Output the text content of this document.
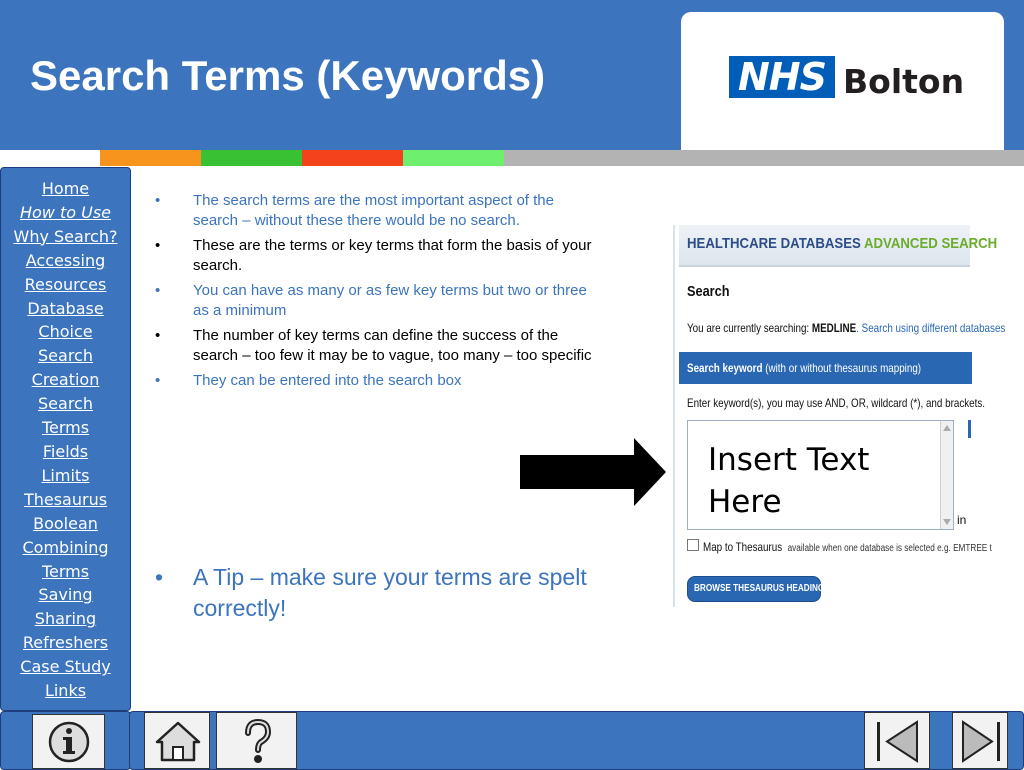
Search Terms (Keywords)	NHS Bolton
Home
How to Use
Why Search?
Accessing
Resources
Database
Choice
Search
Creation
Search
Terms
Fields
Limits
Thesaurus
Boolean
Combining
Terms
Saving
Sharing
Refreshers
Case Study
Links
• The search terms are the most important aspect of the search – without these there would be no search.
• These are the terms or key terms that form the basis of your search.
• You can have as many or as few key terms but two or three as a minimum
• The number of key terms can define the success of the search – too few it may be to vague, too many – too specific
• They can be entered into the search box
• A Tip – make sure your terms are spelt correctly!
HEALTHCARE DATABASES ADVANCED SEARCH
Search
You are currently searching: MEDLINE. Search using different databases
Search keyword (with or without thesaurus mapping)
Enter keyword(s), you may use AND, OR, wildcard (*), and brackets.
Insert Text Here	in
Map to Thesaurus available when one database is selected e.g. EMTREE t
BROWSE THESAURUS HEADINGS
